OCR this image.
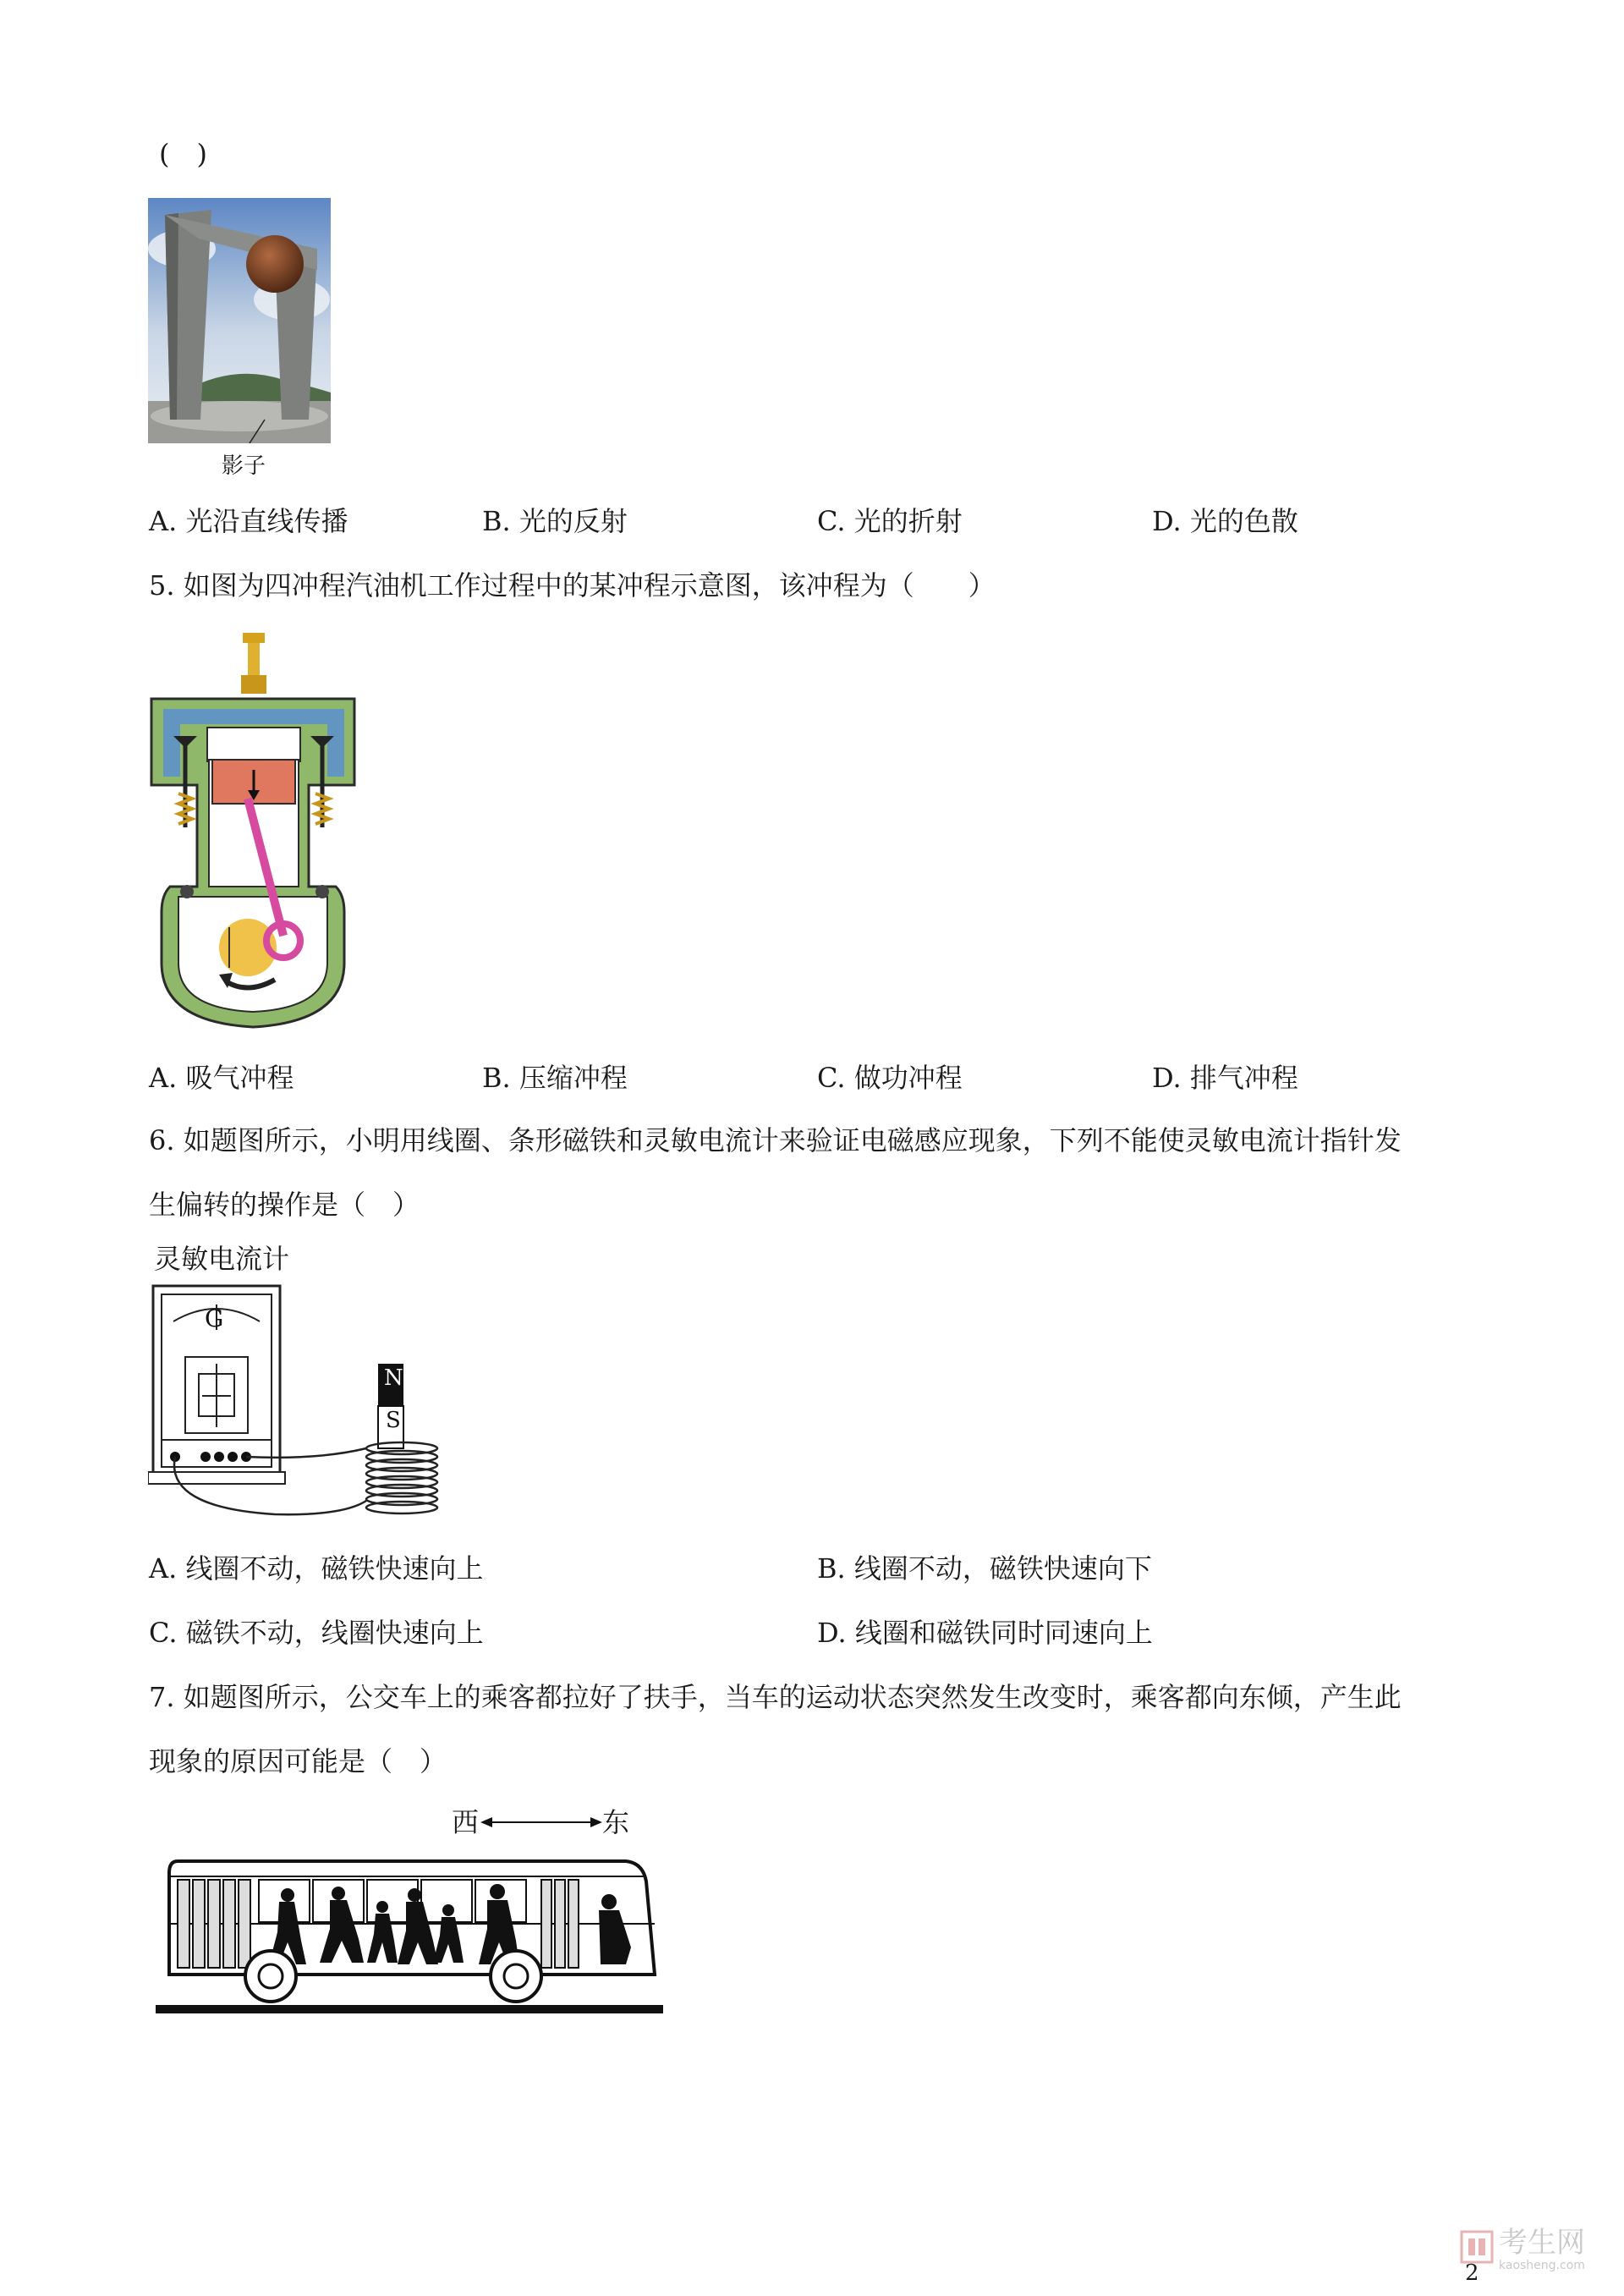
(　)
影子
A. 光沿直线传播	B. 光的反射	C. 光的折射	D. 光的色散
5. 如图为四冲程汽油机工作过程中的某冲程示意图，该冲程为（　　）
A. 吸气冲程	B. 压缩冲程	C. 做功冲程	D. 排气冲程
6. 如题图所示，小明用线圈、条形磁铁和灵敏电流计来验证电磁感应现象，下列不能使灵敏电流计指针发
生偏转的操作是（　）
灵敏电流计
G
N
S
A. 线圈不动，磁铁快速向上	B. 线圈不动，磁铁快速向下
C. 磁铁不动，线圈快速向上	D. 线圈和磁铁同时同速向上
7. 如题图所示，公交车上的乘客都拉好了扶手，当车的运动状态突然发生改变时，乘客都向东倾，产生此
现象的原因可能是（　）
西	东
2
考生网
kaosheng.com
